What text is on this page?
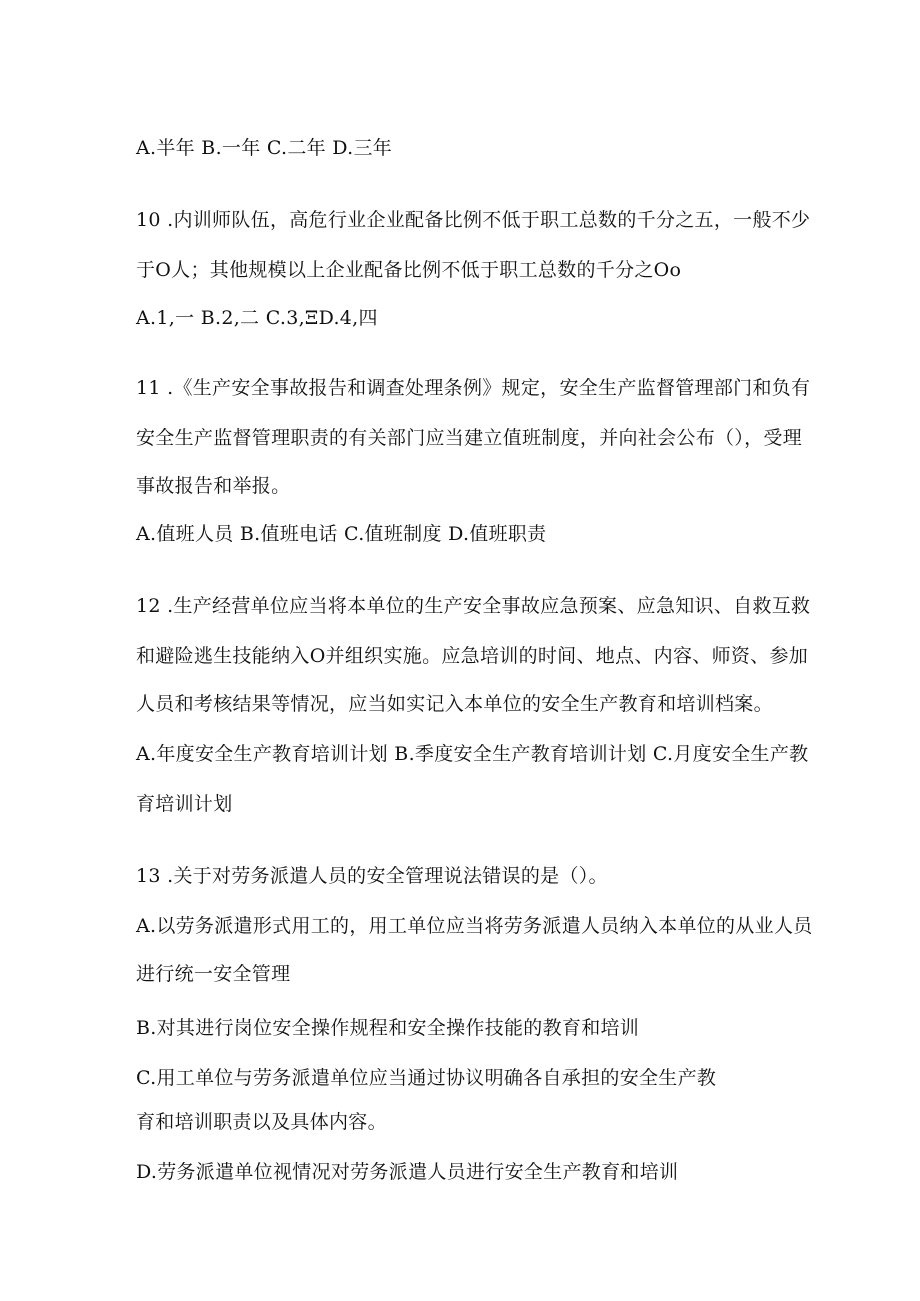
A.半年 B.一年 C.二年 D.三年
10 .内训师队伍，高危行业企业配备比例不低于职工总数的千分之五，一般不少
于O人；其他规模以上企业配备比例不低于职工总数的千分之Oo
A.1,一 B.2,二 C.3,ΞD.4,四
11 .《生产安全事故报告和调查处理条例》规定，安全生产监督管理部门和负有
安全生产监督管理职责的有关部门应当建立值班制度，并向社会公布（），受理
事故报告和举报。
A.值班人员 B.值班电话 C.值班制度 D.值班职责
12 .生产经营单位应当将本单位的生产安全事故应急预案、应急知识、自救互救
和避险逃生技能纳入O并组织实施。应急培训的时间、地点、内容、师资、参加
人员和考核结果等情况，应当如实记入本单位的安全生产教育和培训档案。
A.年度安全生产教育培训计划 B.季度安全生产教育培训计划 C.月度安全生产教
育培训计划
13 .关于对劳务派遣人员的安全管理说法错误的是（）。
A.以劳务派遣形式用工的，用工单位应当将劳务派遣人员纳入本单位的从业人员
进行统一安全管理
B.对其进行岗位安全操作规程和安全操作技能的教育和培训
C.用工单位与劳务派遣单位应当通过协议明确各自承担的安全生产教
育和培训职责以及具体内容。
D.劳务派遣单位视情况对劳务派遣人员进行安全生产教育和培训
